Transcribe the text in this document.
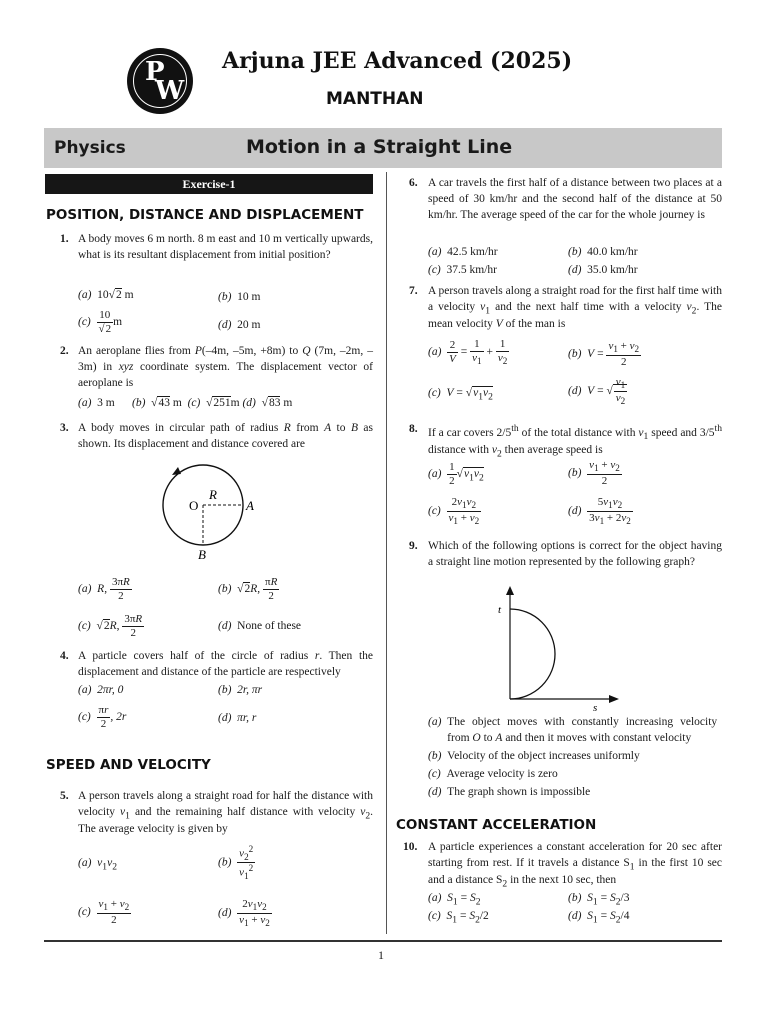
P
W
Arjuna JEE Advanced (2025)
MANTHAN
Physics	Motion in a Straight Line
Exercise-1
POSITION, DISTANCE AND DISPLACEMENT
1. A body moves 6 m north. 8 m east and 10 m vertically upwards, what is its resultant displacement from initial position?
(a)  10√2 m	(b) 10 m
$(c) \frac{10}{√2}$ m	(d) 20 m
2. An aeroplane flies from P(–4m, –5m, +8m) to Q (7m, –2m, –3m) in xyz coordinate system. The displacement vector of aeroplane is
(a)  3 m      (b)  √43 m  (c)  √251m (d)  √83 m
3. A body moves in circular path of radius R from A to B as shown. Its displacement and distance covered are
O
R
A
B
(a) R, $\frac{3\pi R}{2}$	(b)  √2R, $\frac{\pi R}{2}$
(c)  √2R, $\frac{3\pi R}{2}$	(d) None of these
4. A particle covers half of the circle of radius r. Then the displacement and distance of the particle are respectively
(a) 2πr, 0	(b) 2r, πr
$(c) \frac{\pi r}{2}$ , 2r	(d) πr, r
SPEED AND VELOCITY
5. A person travels along a straight road for half the distance with velocity $v_1$ and the remaining half distance with velocity $v_2$. The average velocity is given by
(a) $v_1v_2$	$(b) \frac{v_2^2}{v_1^2}$
$(c) \frac{v_1 + v_2}{2}$	$(d) \frac{2v_1v_2}{v_1 + v_2}$
6. A car travels the first half of a distance between two places at a speed of 30 km/hr and the second half of the distance at 50 km/hr. The average speed of the car for the whole journey is
(a) 42.5 km/hr	(b) 40.0 km/hr
(c) 37.5 km/hr	(d) 35.0 km/hr
7. A person travels along a straight road for the first half time with a velocity $v_1$ and the next half time with a velocity $v_2$. The mean velocity V of the man is
$(a) \frac{2}{V} = \frac{1}{v_1} + \frac{1}{v_2}$	(b) $V = \frac{v_1 + v_2}{2}$
(c) $V = √v_1v_2$	(d) V = √ $\frac{v_1}{v_2}$
8. If a car covers 2/5th of the total distance with $v_1$ speed and 3/5th distance with $v_2$ then average speed is
$(a) \frac{1}{2} √v_1v_2$	$(b) \frac{v_1 + v_2}{2}$
$(c) \frac{2v_1v_2}{v_1 + v_2}$	$(d) \frac{5v_1v_2}{3v_1 + 2v_2}$
9. Which of the following options is correct for the object having a straight line motion represented by the following graph?
t
s
(a) The object moves with constantly increasing velocity from O to A and then it moves with constant velocity
(b) Velocity of the object increases uniformly
(c) Average velocity is zero
(d) The graph shown is impossible
CONSTANT ACCELERATION
10. A particle experiences a constant acceleration for 20 sec after starting from rest. If it travels a distance $S_1$ in the first 10 sec and a distance $S_2$ in the next 10 sec, then
(a) $S_1 = S_2$	(b) $S_1 = S_2/3$
(c) $S_1 = S_2/2$	(d) $S_1 = S_2/4$
1
